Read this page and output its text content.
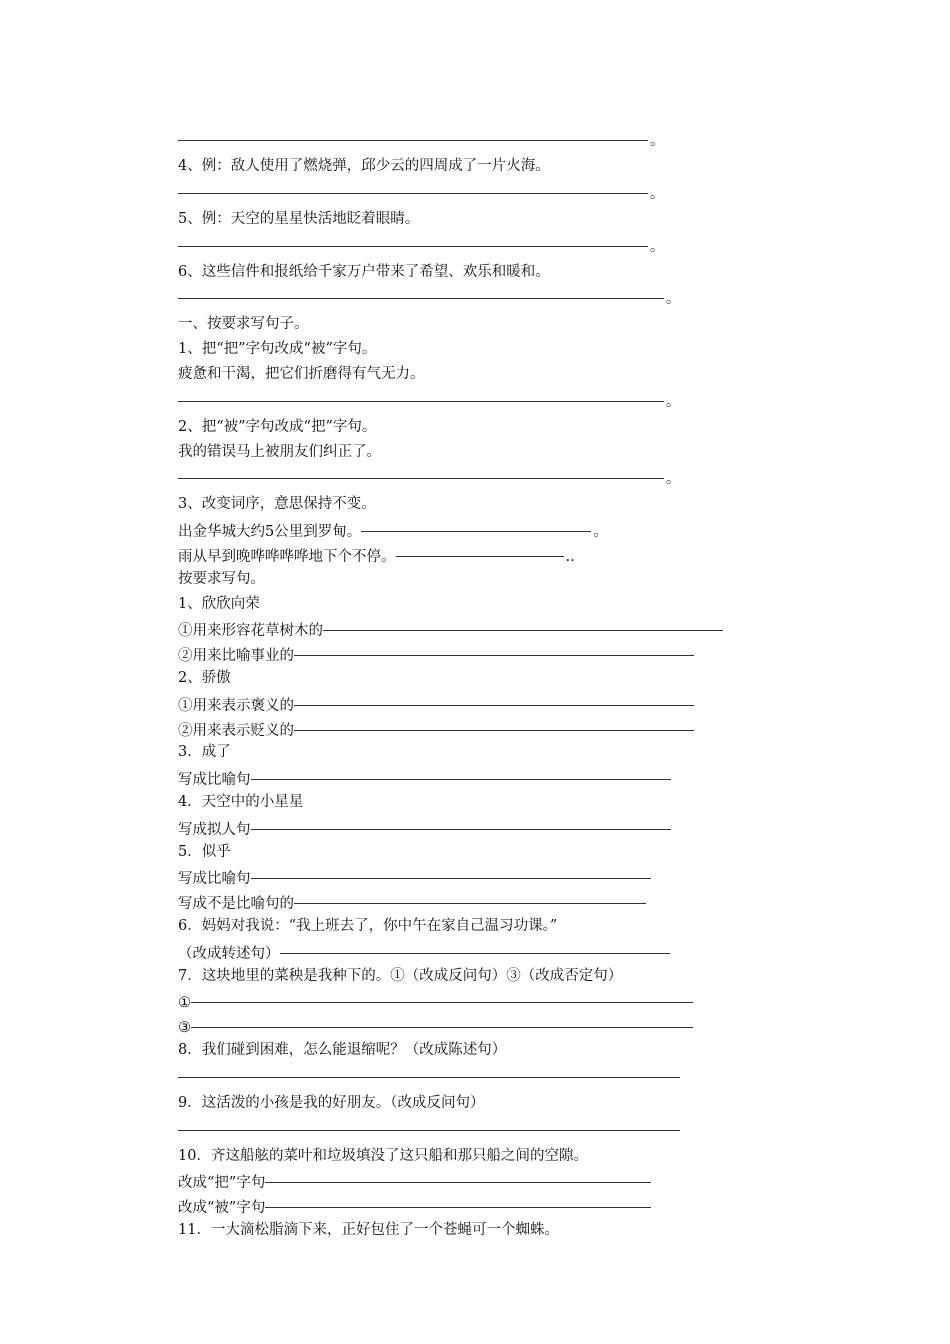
。
4、例：敌人使用了燃烧弹，邱少云的四周成了一片火海。
。
5、例：天空的星星快活地眨着眼睛。
。
6、这些信件和报纸给千家万户带来了希望、欢乐和暖和。
。
一、按要求写句子。
1、把“把”字句改成“被”字句。
疲惫和干渴，把它们折磨得有气无力。
。
2、把“被”字句改成“把”字句。
我的错误马上被朋友们纠正了。
。
3、改变词序，意思保持不变。
出金华城大约5公里到罗甸。	。
雨从早到晚哗哗哗哗地下个不停。	..
按要求写句。
1、欣欣向荣
①用来形容花草树木的
②用来比喻事业的
2、骄傲
①用来表示褒义的
②用来表示贬义的
3．成了
写成比喻句
4．天空中的小星星
写成拟人句
5．似乎
写成比喻句
写成不是比喻句的
6．妈妈对我说：“我上班去了，你中午在家自己温习功课。”
（改成转述句）
7．这块地里的菜秧是我种下的。①（改成反问句）③（改成否定句）
①
③
8．我们碰到困难，怎么能退缩呢？（改成陈述句）
9．这活泼的小孩是我的好朋友。（改成反问句）
10．齐这船舷的菜叶和垃圾填没了这只船和那只船之间的空隙。
改成“把”字句
改成“被”字句
11．一大滴松脂滴下来，正好包住了一个苍蝇可一个蜘蛛。
